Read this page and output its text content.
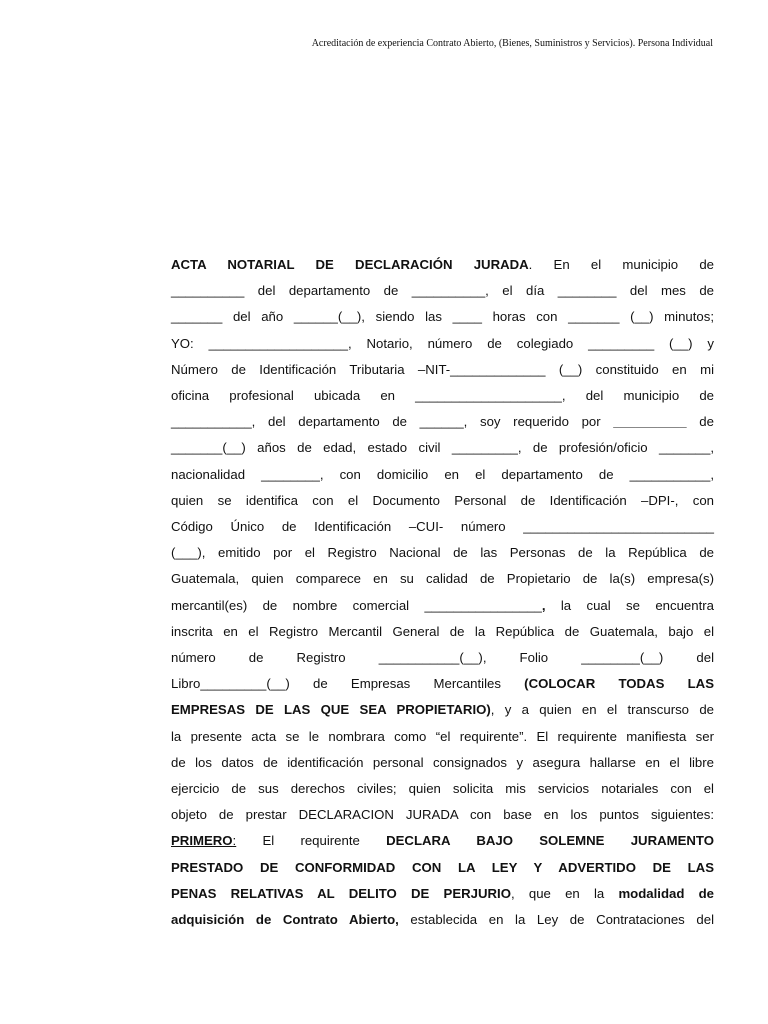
Acreditación de experiencia Contrato Abierto, (Bienes, Suministros y Servicios). Persona Individual
ACTA NOTARIAL DE DECLARACIÓN JURADA. En el municipio de
__________ del departamento de __________, el día ________ del mes de
_______ del año ______(__), siendo las ____ horas con _______ (__) minutos;
YO: ___________________, Notario, número de colegiado _________ (__) y
Número de Identificación Tributaria –NIT-_____________ (__) constituido en mi
oficina profesional ubicada en ____________________, del municipio de
___________, del departamento de ______, soy requerido por __________ de
_______(__) años de edad, estado civil _________, de profesión/oficio _______,
nacionalidad ________, con domicilio en el departamento de ___________,
quien se identifica con el Documento Personal de Identificación –DPI-, con
Código Único de Identificación –CUI- número __________________________
(___), emitido por el Registro Nacional de las Personas de la República de
Guatemala, quien comparece en su calidad de Propietario de la(s) empresa(s)
mercantil(es) de nombre comercial ________________, la cual se encuentra
inscrita en el Registro Mercantil General de la República de Guatemala, bajo el
número de Registro ___________(__), Folio ________(__) del
Libro_________(__) de Empresas Mercantiles (COLOCAR TODAS LAS
EMPRESAS DE LAS QUE SEA PROPIETARIO), y a quien en el transcurso de
la presente acta se le nombrara como “el requirente”. El requirente manifiesta ser
de los datos de identificación personal consignados y asegura hallarse en el libre
ejercicio de sus derechos civiles; quien solicita mis servicios notariales con el
objeto de prestar DECLARACION JURADA con base en los puntos siguientes:
PRIMERO: El requirente DECLARA BAJO SOLEMNE JURAMENTO
PRESTADO DE CONFORMIDAD CON LA LEY Y ADVERTIDO DE LAS
PENAS RELATIVAS AL DELITO DE PERJURIO, que en la modalidad de
adquisición de Contrato Abierto, establecida en la Ley de Contrataciones del
